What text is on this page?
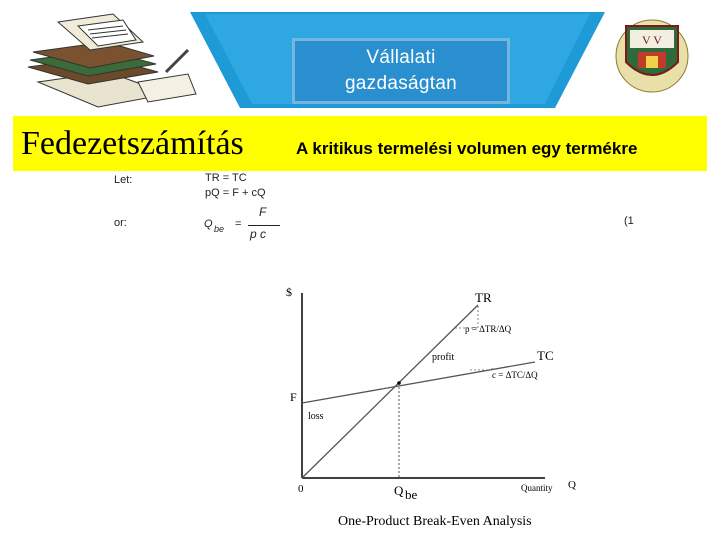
V V
Vállalati
gazdaságtan
Fedezetszámítás	A kritikus termelési volumen egy termékre
Let:	TR = TC
pQ = F + cQ
or:	Q be =
F
p c
(1
$
F
0
TR
TC
p = ΔTR/ΔQ
c = ΔTC/ΔQ
profit
loss
Q be	Quantity Q
One-Product Break-Even Analysis
